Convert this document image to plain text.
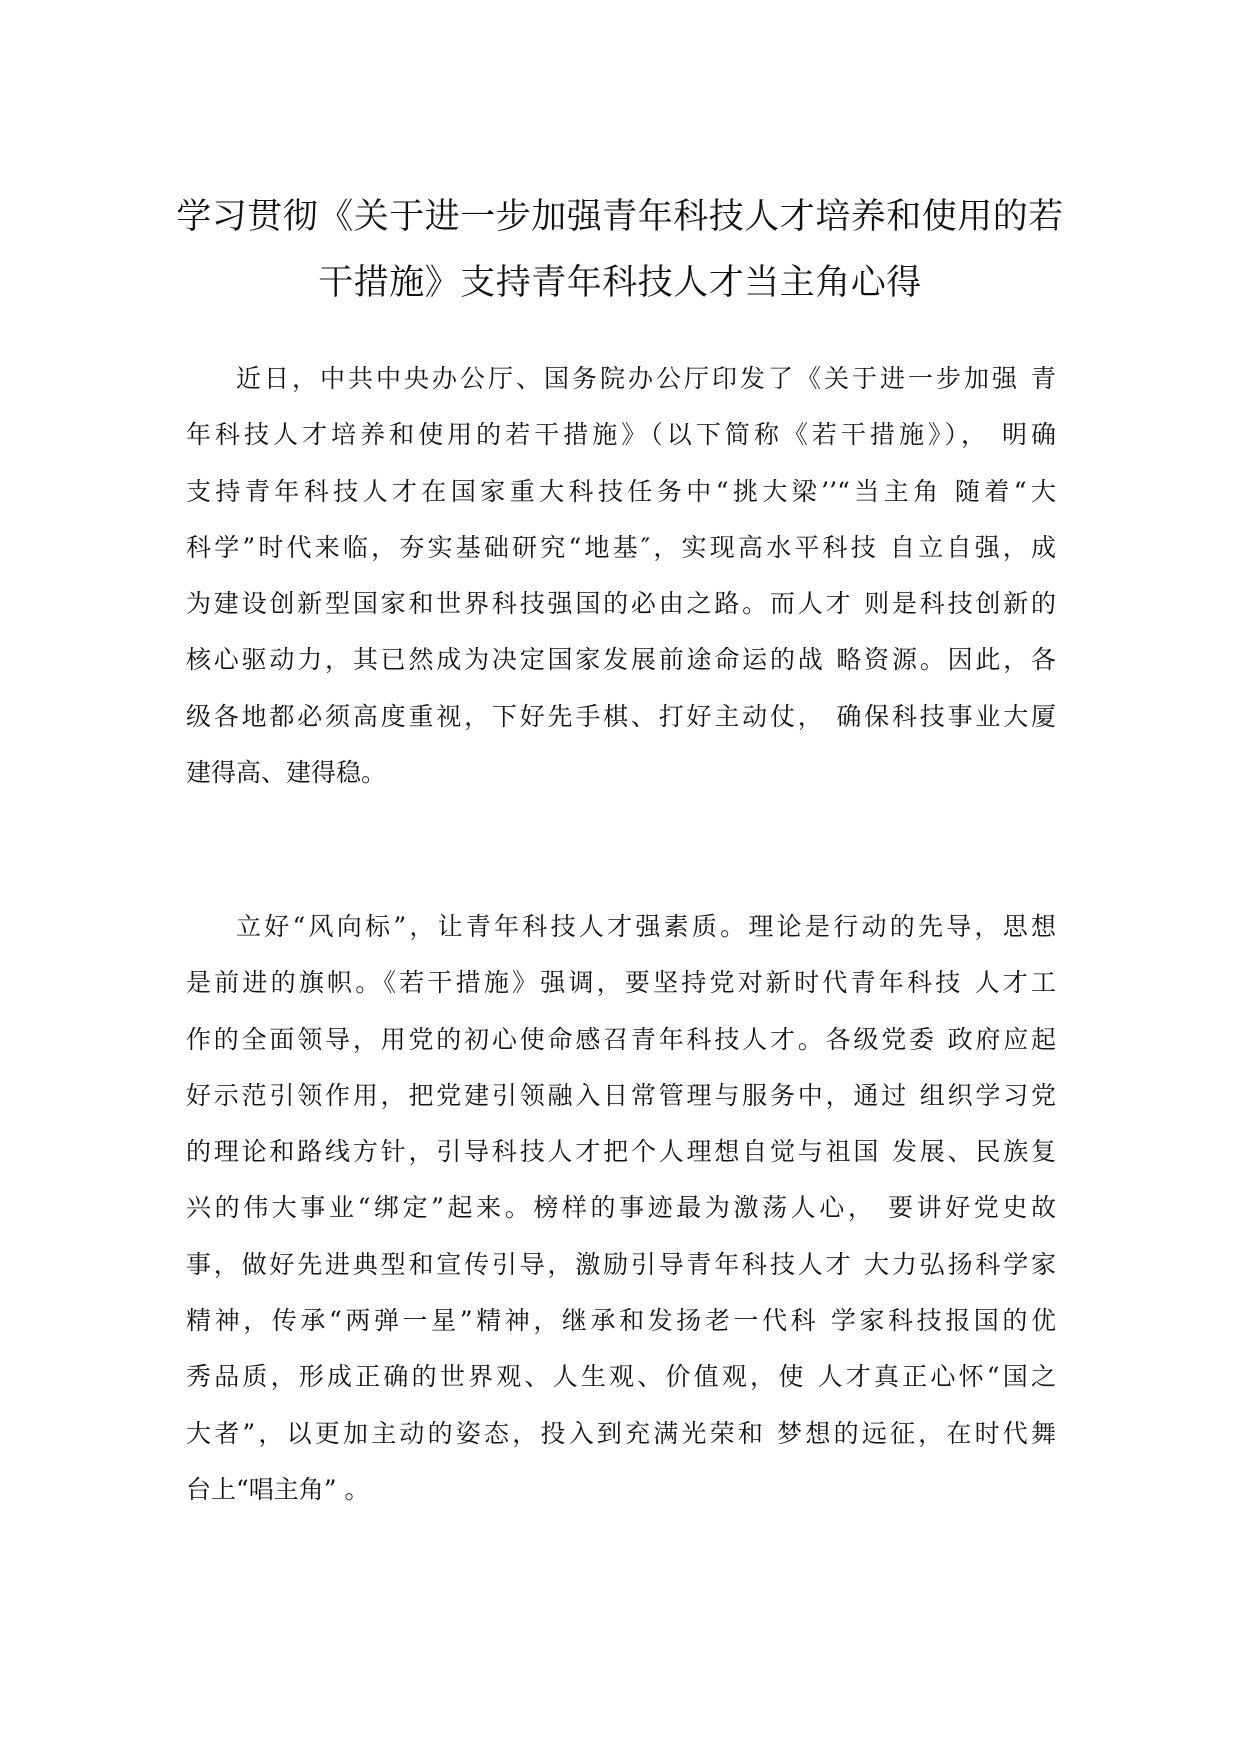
学习贯彻《关于进一步加强青年科技人才培养和使用的若
干措施》支持青年科技人才当主角心得

近日，中共中央办公厅、国务院办公厅印发了《关于进一步加强 青
年科技人才培养和使用的若干措施》（以下简称《若干措施》）， 明确
支持青年科技人才在国家重大科技任务中“挑大梁’’“当主角 随着“大
科学”时代来临，夯实基础研究“地基″，实现高水平科技 自立自强，成
为建设创新型国家和世界科技强国的必由之路。而人才 则是科技创新的
核心驱动力，其已然成为决定国家发展前途命运的战 略资源。因此，各
级各地都必须高度重视，下好先手棋、打好主动仗， 确保科技事业大厦
建得高、建得稳。

立好“风向标”，让青年科技人才强素质。理论是行动的先导，思想
是前进的旗帜。《若干措施》强调，要坚持党对新时代青年科技 人才工
作的全面领导，用党的初心使命感召青年科技人才。各级党委 政府应起
好示范引领作用，把党建引领融入日常管理与服务中，通过 组织学习党
的理论和路线方针，引导科技人才把个人理想自觉与祖国 发展、民族复
兴的伟大事业“绑定”起来。榜样的事迹最为激荡人心， 要讲好党史故
事，做好先进典型和宣传引导，激励引导青年科技人才 大力弘扬科学家
精神，传承“两弹一星”精神，继承和发扬老一代科 学家科技报国的优
秀品质，形成正确的世界观、人生观、价值观，使 人才真正心怀“国之
大者”，以更加主动的姿态，投入到充满光荣和 梦想的远征，在时代舞
台上“唱主角” 。
